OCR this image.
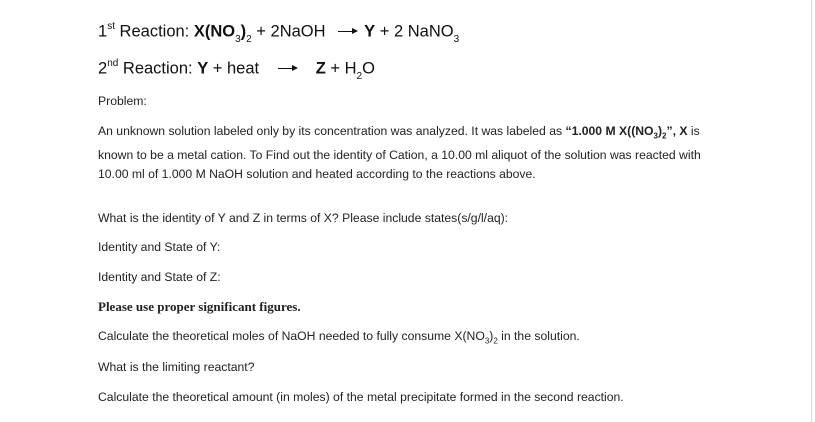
1st Reaction: $X(NO_3)_2$ + 2NaOH Y + 2 NaNO$_3$
2nd Reaction: Y + heat	$Z + H_2O$
Problem:
An unknown solution labeled only by its concentration was analyzed. It was labeled as “1.000 M $X((NO_3)_2$”, X is known to be a metal cation. To Find out the identity of Cation, a 10.00 ml aliquot of the solution was reacted with 10.00 ml of 1.000 M NaOH solution and heated according to the reactions above.
What is the identity of Y and Z in terms of X? Please include states(s/g/l/aq):
Identity and State of Y:
Identity and State of Z:
Please use proper significant figures.
Calculate the theoretical moles of NaOH needed to fully consume $X(NO_3)_2$ in the solution.
What is the limiting reactant?
Calculate the theoretical amount (in moles) of the metal precipitate formed in the second reaction.
